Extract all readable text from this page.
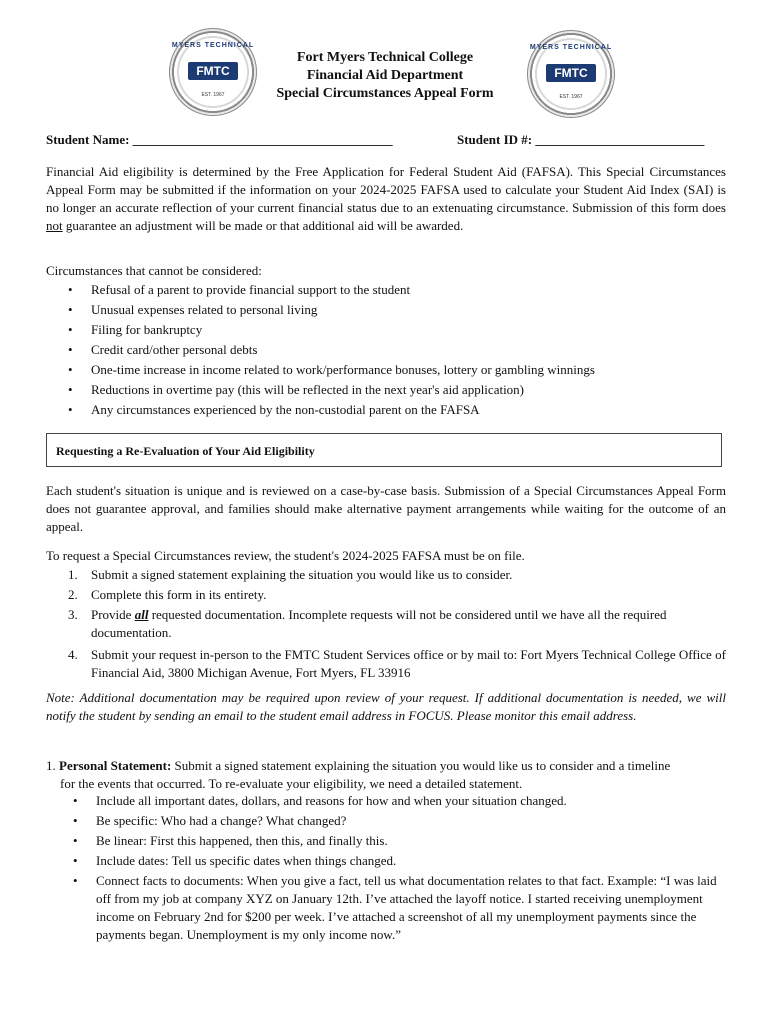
MYERS TECHNICAL
FMTC
EST. 1967
Fort Myers Technical College
Financial Aid Department
Special Circumstances Appeal Form
MYERS TECHNICAL
FMTC
EST. 1967
Student Name: ________________________________________	Student ID #: __________________________
Financial Aid eligibility is determined by the Free Application for Federal Student Aid (FAFSA). This Special Circumstances Appeal Form may be submitted if the information on your 2024-2025 FAFSA used to calculate your Student Aid Index (SAI) is no longer an accurate reflection of your current financial status due to an extenuating circumstance. Submission of this form does not guarantee an adjustment will be made or that additional aid will be awarded.
Circumstances that cannot be considered:
• Refusal of a parent to provide financial support to the student
• Unusual expenses related to personal living
• Filing for bankruptcy
• Credit card/other personal debts
• One-time increase in income related to work/performance bonuses, lottery or gambling winnings
• Reductions in overtime pay (this will be reflected in the next year's aid application)
• Any circumstances experienced by the non-custodial parent on the FAFSA
Requesting a Re-Evaluation of Your Aid Eligibility
Each student's situation is unique and is reviewed on a case-by-case basis. Submission of a Special Circumstances Appeal Form does not guarantee approval, and families should make alternative payment arrangements while waiting for the outcome of an appeal.
To request a Special Circumstances review, the student's 2024-2025 FAFSA must be on file.
1. Submit a signed statement explaining the situation you would like us to consider.
2. Complete this form in its entirety.
3. Provide all requested documentation. Incomplete requests will not be considered until we have all the required documentation.
4. Submit your request in-person to the FMTC Student Services office or by mail to: Fort Myers Technical College Office of Financial Aid, 3800 Michigan Avenue, Fort Myers, FL 33916
Note: Additional documentation may be required upon review of your request. If additional documentation is needed, we will notify the student by sending an email to the student email address in FOCUS. Please monitor this email address.
1. Personal Statement: Submit a signed statement explaining the situation you would like us to consider and a timeline
for the events that occurred. To re-evaluate your eligibility, we need a detailed statement.
• Include all important dates, dollars, and reasons for how and when your situation changed.
• Be specific: Who had a change? What changed?
• Be linear: First this happened, then this, and finally this.
• Include dates: Tell us specific dates when things changed.
• Connect facts to documents: When you give a fact, tell us what documentation relates to that fact. Example: “I was laid off from my job at company XYZ on January 12th. I’ve attached the layoff notice. I started receiving unemployment income on February 2nd for $200 per week. I’ve attached a screenshot of all my unemployment payments since the payments began. Unemployment is my only income now.”
